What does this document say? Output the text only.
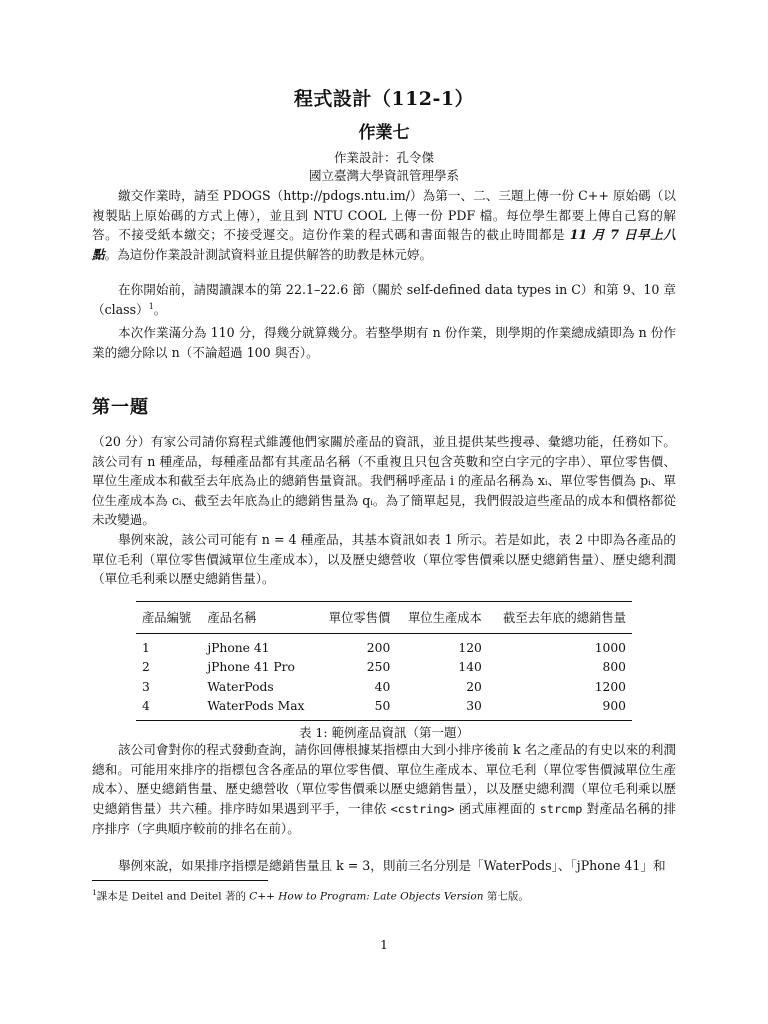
程式設計（112-1）
作業七
作業設計：孔令傑
國立臺灣大學資訊管理學系
繳交作業時，請至 PDOGS（http://pdogs.ntu.im/）為第一、二、三題上傳一份 C++ 原始碼（以複製貼上原始碼的方式上傳），並且到 NTU COOL 上傳一份 PDF 檔。每位學生都要上傳自己寫的解答。不接受紙本繳交；不接受遲交。這份作業的程式碼和書面報告的截止時間都是 11 月 7 日早上八點。為這份作業設計測試資料並且提供解答的助教是林元婷。
在你開始前，請閱讀課本的第 22.1–22.6 節（關於 self-defined data types in C）和第 9、10 章（class）$^1$。
本次作業滿分為 110 分，得幾分就算幾分。若整學期有 n 份作業，則學期的作業總成績即為 n 份作業的總分除以 n（不論超過 100 與否）。
第一題
（20 分）有家公司請你寫程式維護他們家關於產品的資訊，並且提供某些搜尋、彙總功能，任務如下。該公司有 n 種產品，每種產品都有其產品名稱（不重複且只包含英數和空白字元的字串）、單位零售價、單位生產成本和截至去年底為止的總銷售量資訊。我們稱呼產品 i 的產品名稱為 xᵢ、單位零售價為 pᵢ、單位生產成本為 cᵢ、截至去年底為止的總銷售量為 qᵢ。為了簡單起見，我們假設這些產品的成本和價格都從未改變過。
舉例來說，該公司可能有 n = 4 種產品，其基本資訊如表 1 所示。若是如此，表 2 中即為各產品的單位毛利（單位零售價減單位生產成本），以及歷史總營收（單位零售價乘以歷史總銷售量）、歷史總利潤（單位毛利乘以歷史總銷售量）。
產品編號	產品名稱	單位零售價	單位生產成本	截至去年底的總銷售量
1	jPhone 41	200	120	1000
2	jPhone 41 Pro	250	140	800
3	WaterPods	40	20	1200
4	WaterPods Max	50	30	900
表 1: 範例產品資訊（第一題）
該公司會對你的程式發動查詢，請你回傳根據某指標由大到小排序後前 k 名之產品的有史以來的利潤總和。可能用來排序的指標包含各產品的單位零售價、單位生產成本、單位毛利（單位零售價減單位生產成本）、歷史總銷售量、歷史總營收（單位零售價乘以歷史總銷售量），以及歷史總利潤（單位毛利乘以歷史總銷售量）共六種。排序時如果遇到平手，一律依 <cstring> 函式庫裡面的 strcmp 對產品名稱的排序排序（字典順序較前的排名在前）。
舉例來說，如果排序指標是總銷售量且 k = 3，則前三名分別是「WaterPods」、「jPhone 41」和
$^1$課本是 Deitel and Deitel 著的 C++ How to Program: Late Objects Version 第七版。
1
